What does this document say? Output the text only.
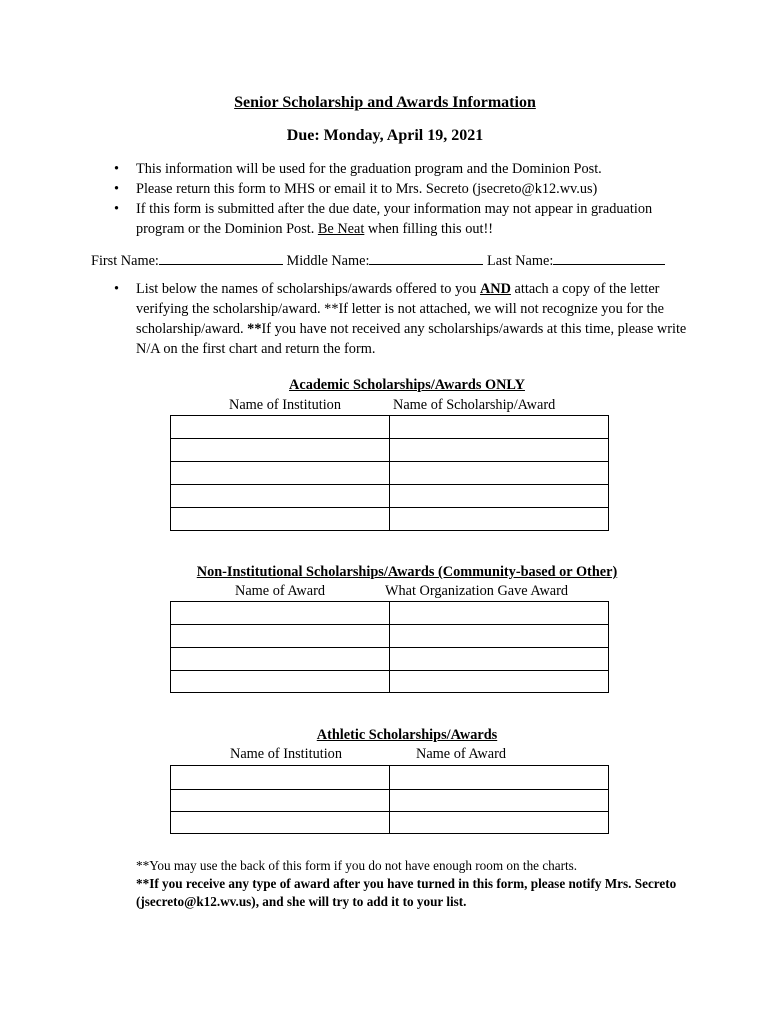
Senior Scholarship and Awards Information
Due: Monday, April 19, 2021
• This information will be used for the graduation program and the Dominion Post.
• Please return this form to MHS or email it to Mrs. Secreto (jsecreto@k12.wv.us)
• If this form is submitted after the due date, your information may not appear in graduation program or the Dominion Post. Be Neat when filling this out!!
First Name:	Middle Name:	Last Name:
• List below the names of scholarships/awards offered to you AND attach a copy of the letter verifying the scholarship/award. **If letter is not attached, we will not recognize you for the scholarship/award. **If you have not received any scholarships/awards at this time, please write N/A on the first chart and return the form.
Academic Scholarships/Awards ONLY
Name of Institution	Name of Scholarship/Award

Non-Institutional Scholarships/Awards (Community-based or Other)
Name of Award	What Organization Gave Award

Athletic Scholarships/Awards
Name of Institution	Name of Award

**You may use the back of this form if you do not have enough room on the charts.
**If you receive any type of award after you have turned in this form, please notify Mrs. Secreto (jsecreto@k12.wv.us), and she will try to add it to your list.
